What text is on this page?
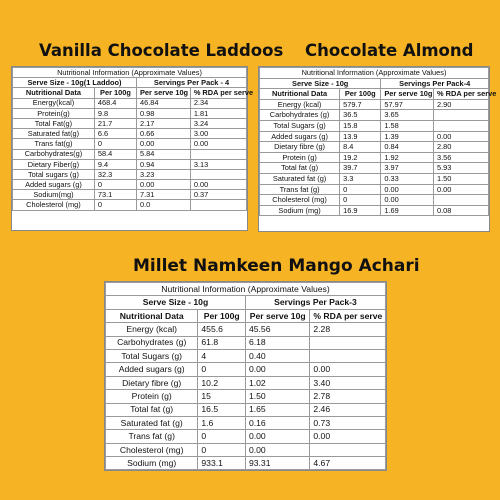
Vanilla Chocolate Laddoos
Nutritional Information (Approximate Values)			
Serve Size - 10g(1 Laddoo)		Servings Per Pack - 4	
Nutritional Data	Per 100g	Per serve 10g	% RDA per serve
Energy(kcal)	468.4	46.84	2.34
Protein(g)	9.8	0.98	1.81
Total Fat(g)	21.7	2.17	3.24
Saturated fat(g)	6.6	0.66	3.00
Trans fat(g)	0	0.00	0.00
Carbohydrates(g)	58.4	5.84	
Dietary Fiber(g)	9.4	0.94	3.13
Total sugars (g)	32.3	3.23	
Added sugars (g)	0	0.00	0.00
Sodium(mg)	73.1	7.31	0.37
Cholesterol (mg)	0	0.0	
Chocolate Almond
Nutritional Information (Approximate Values)			
Serve Size - 10g		Servings Per Pack-4	
Nutritional Data	Per 100g	Per serve 10g	% RDA per serve
Energy (kcal)	579.7	57.97	2.90
Carbohydrates (g)	36.5	3.65	
Total Sugars (g)	15.8	1.58	
Added sugars (g)	13.9	1.39	0.00
Dietary fibre (g)	8.4	0.84	2.80
Protein (g)	19.2	1.92	3.56
Total fat (g)	39.7	3.97	5.93
Saturated fat (g)	3.3	0.33	1.50
Trans fat (g)	0	0.00	0.00
Cholesterol (mg)	0	0.00	
Sodium (mg)	16.9	1.69	0.08
Millet Namkeen Mango Achari
Nutritional Information (Approximate Values)			
Serve Size - 10g		Servings Per Pack-3	
Nutritional Data	Per 100g	Per serve 10g	% RDA per serve
Energy (kcal)	455.6	45.56	2.28
Carbohydrates (g)	61.8	6.18	
Total Sugars (g)	4	0.40	
Added sugars (g)	0	0.00	0.00
Dietary fibre (g)	10.2	1.02	3.40
Protein (g)	15	1.50	2.78
Total fat (g)	16.5	1.65	2.46
Saturated fat (g)	1.6	0.16	0.73
Trans fat (g)	0	0.00	0.00
Cholesterol (mg)	0	0.00	
Sodium (mg)	933.1	93.31	4.67
